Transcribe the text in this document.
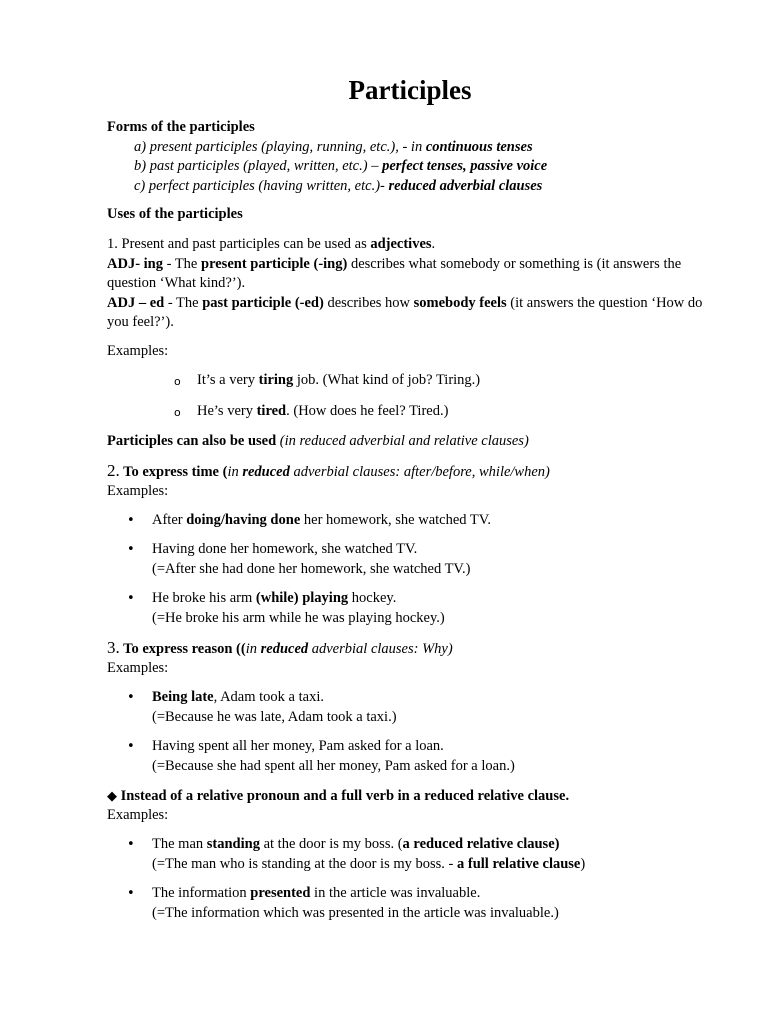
Participles
Forms of the participles
a) present participles (playing, running, etc.), - in continuous tenses
b) past participles (played, written, etc.) – perfect tenses, passive voice
c) perfect participles (having written, etc.)- reduced adverbial clauses
Uses of the participles
1. Present and past participles can be used as adjectives.
ADJ- ing - The present participle (-ing) describes what somebody or something is (it answers the question ‘What kind?’).
ADJ – ed - The past participle (-ed) describes how somebody feels (it answers the question ‘How do you feel?’).
Examples:
o It’s a very tiring job. (What kind of job? Tiring.)
o He’s very tired. (How does he feel? Tired.)
Participles can also be used (in reduced adverbial and relative clauses)
2. To express time (in reduced adverbial clauses: after/before, while/when)
Examples:
• After doing/having done her homework, she watched TV.
• Having done her homework, she watched TV.
(=After she had done her homework, she watched TV.)
• He broke his arm (while) playing hockey.
(=He broke his arm while he was playing hockey.)
3. To express reason ((in reduced adverbial clauses: Why)
Examples:
• Being late, Adam took a taxi.
(=Because he was late, Adam took a taxi.)
• Having spent all her money, Pam asked for a loan.
(=Because she had spent all her money, Pam asked for a loan.)
◆ Instead of a relative pronoun and a full verb in a reduced relative clause.
Examples:
• The man standing at the door is my boss. (a reduced relative clause)
(=The man who is standing at the door is my boss. - a full relative clause)
• The information presented in the article was invaluable.
(=The information which was presented in the article was invaluable.)
